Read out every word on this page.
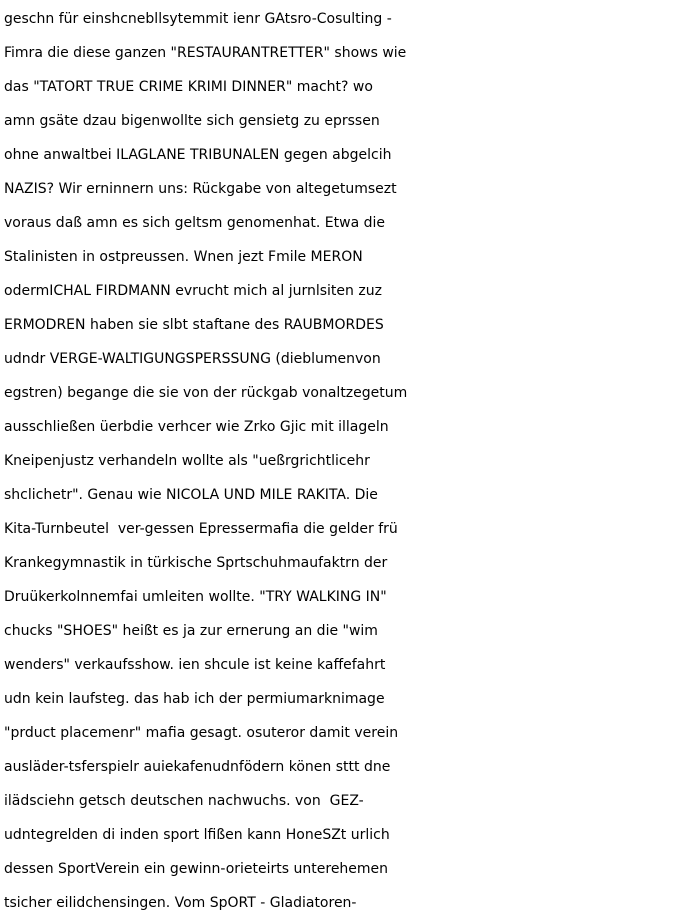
geschn für einshcnebllsytemmit ienr GAtsro-Cosulting -
Fimra die diese ganzen "RESTAURANTRETTER" shows wie
das "TATORT TRUE CRIME KRIMI DINNER" macht? wo
amn gsäte dzau bigenwollte sich gensietg zu eprssen
ohne anwaltbei ILAGLANE TRIBUNALEN gegen abgelcih
NAZIS? Wir erninnern uns: Rückgabe von altegetumsezt
voraus daß amn es sich geltsm genomenhat. Etwa die
Stalinisten in ostpreussen. Wnen jezt Fmile MERON
odermICHAL FIRDMANN evrucht mich al jurnlsiten zuz
ERMODREN haben sie slbt staftane des RAUBMORDES
udndr VERGE-WALTIGUNGSPERSSUNG (dieblumenvon
egstren) begange die sie von der rückgab vonaltzegetum
ausschließen üerbdie verhcer wie Zrko Gjic mit illageln
Kneipenjustz verhandeln wollte als "ueßrgrichtlicehr
shclichetr". Genau wie NICOLA UND MILE RAKITA. Die
Kita-Turnbeutel  ver-gessen Epressermafia die gelder frü
Krankegymnastik in türkische Sprtschuhmaufaktrn der
Druükerkolnnemfai umleiten wollte. "TRY WALKING IN"
chucks "SHOES" heißt es ja zur ernerung an die "wim
wenders" verkaufsshow. ien shcule ist keine kaffefahrt
udn kein laufsteg. das hab ich der permiumarknimage
"prduct placemenr" mafia gesagt. osuteror damit verein
ausläder-tsferspielr auiekafenudnfödern könen sttt dne
ilädsciehn getsch deutschen nachwuchs. von  GEZ-
udntegrelden di inden sport lfißen kann HoneSZt urlich
dessen SportVerein ein gewinn-orieteirts unterehemen
tsicher eilidchensingen. Vom SpORT - Gladiatoren-
